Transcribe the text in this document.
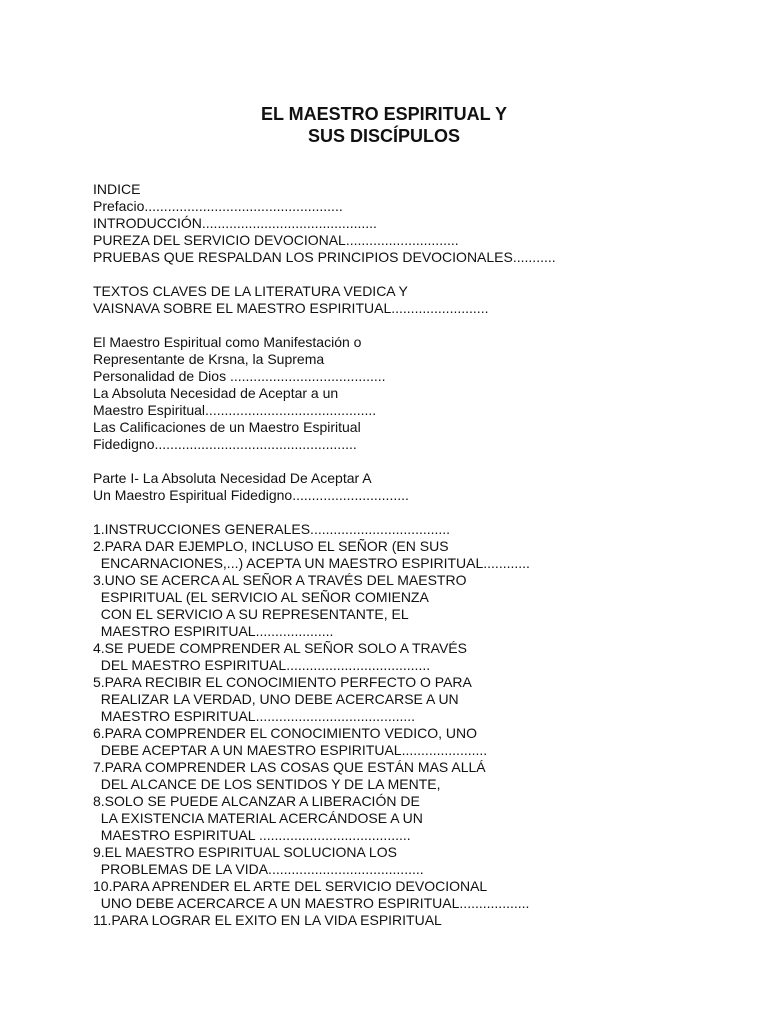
EL MAESTRO ESPIRITUAL Y
SUS DISCÍPULOS
INDICE
Prefacio...................................................
INTRODUCCIÓN.............................................
PUREZA DEL SERVICIO DEVOCIONAL.............................
PRUEBAS QUE RESPALDAN LOS PRINCIPIOS DEVOCIONALES...........
TEXTOS CLAVES DE LA LITERATURA VEDICA Y
VAISNAVA SOBRE EL MAESTRO ESPIRITUAL.........................
El Maestro Espiritual como Manifestación o
Representante de Krsna, la Suprema
Personalidad de Dios ........................................
La Absoluta Necesidad de Aceptar a un
Maestro Espiritual............................................
Las Calificaciones de un Maestro Espiritual
Fidedigno....................................................
Parte I- La Absoluta Necesidad De Aceptar A
Un Maestro Espiritual Fidedigno..............................
1.INSTRUCCIONES GENERALES....................................
2.PARA DAR EJEMPLO, INCLUSO EL SEÑOR (EN SUS
ENCARNACIONES,...) ACEPTA UN MAESTRO ESPIRITUAL............
3.UNO SE ACERCA AL SEÑOR A TRAVÉS DEL MAESTRO
ESPIRITUAL (EL SERVICIO AL SEÑOR COMIENZA
CON EL SERVICIO A SU REPRESENTANTE, EL
MAESTRO ESPIRITUAL....................
4.SE PUEDE COMPRENDER AL SEÑOR SOLO A TRAVÉS
DEL MAESTRO ESPIRITUAL.....................................
5.PARA RECIBIR EL CONOCIMIENTO PERFECTO O PARA
REALIZAR LA VERDAD, UNO DEBE ACERCARSE A UN
MAESTRO ESPIRITUAL.........................................
6.PARA COMPRENDER EL CONOCIMIENTO VEDICO, UNO
DEBE ACEPTAR A UN MAESTRO ESPIRITUAL......................
7.PARA COMPRENDER LAS COSAS QUE ESTÁN MAS ALLÁ
DEL ALCANCE DE LOS SENTIDOS Y DE LA MENTE,
8.SOLO SE PUEDE ALCANZAR A LIBERACIÓN DE
LA EXISTENCIA MATERIAL ACERCÁNDOSE A UN
MAESTRO ESPIRITUAL .......................................
9.EL MAESTRO ESPIRITUAL SOLUCIONA LOS
PROBLEMAS DE LA VIDA........................................
10.PARA APRENDER EL ARTE DEL SERVICIO DEVOCIONAL
UNO DEBE ACERCARCE A UN MAESTRO ESPIRITUAL..................
11.PARA LOGRAR EL EXITO EN LA VIDA ESPIRITUAL
